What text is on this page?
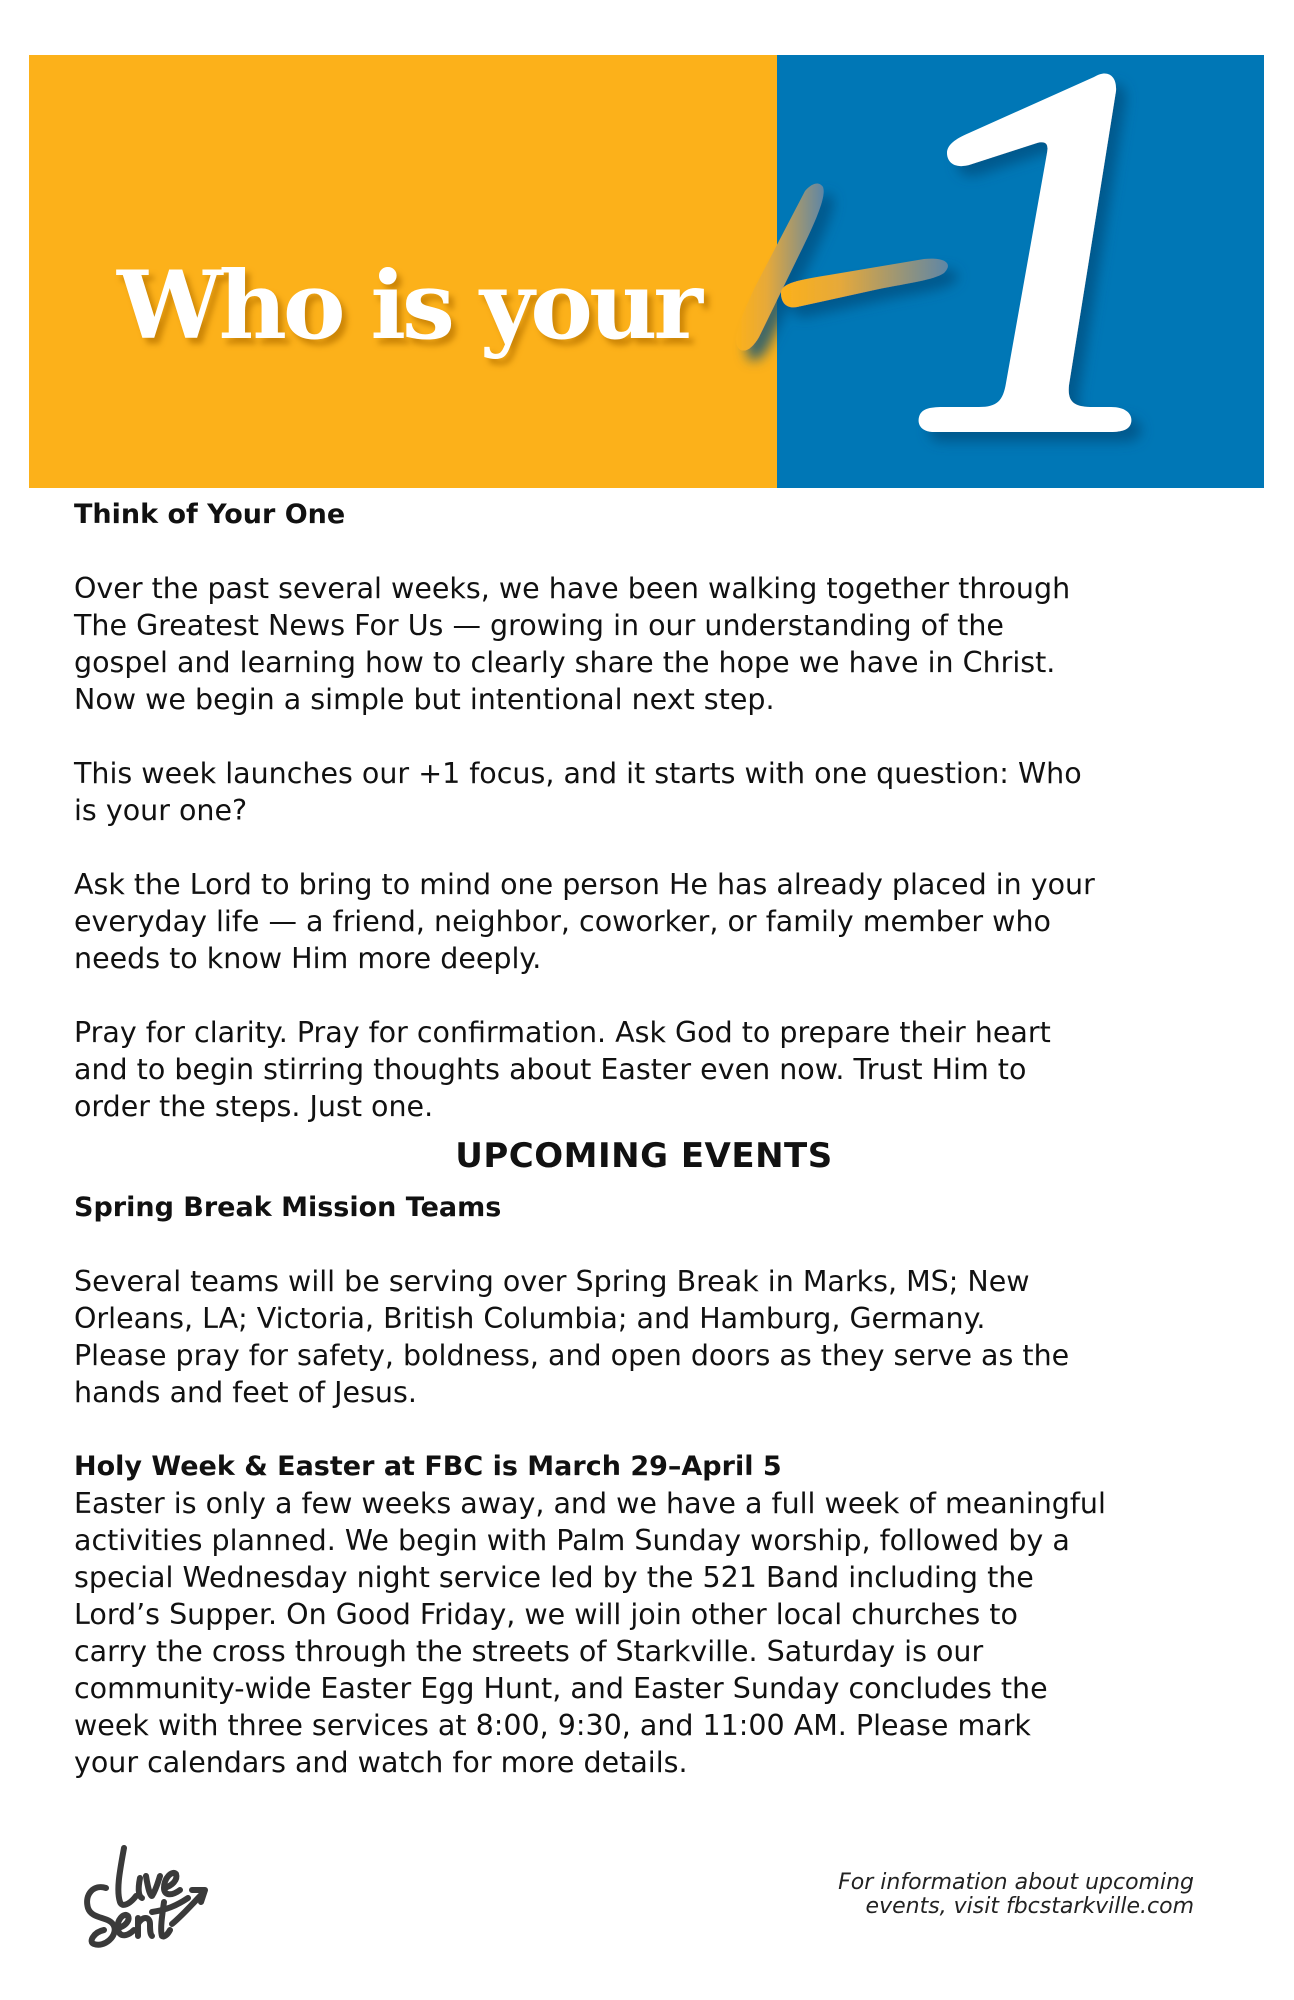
Who is your
Think of Your One
Over the past several weeks, we have been walking together through
The Greatest News For Us — growing in our understanding of the
gospel and learning how to clearly share the hope we have in Christ.
Now we begin a simple but intentional next step.
This week launches our +1 focus, and it starts with one question: Who
is your one?
Ask the Lord to bring to mind one person He has already placed in your
everyday life — a friend, neighbor, coworker, or family member who
needs to know Him more deeply.
Pray for clarity. Pray for confirmation. Ask God to prepare their heart
and to begin stirring thoughts about Easter even now. Trust Him to
order the steps. Just one.
UPCOMING EVENTS
Spring Break Mission Teams
Several teams will be serving over Spring Break in Marks, MS; New
Orleans, LA; Victoria, British Columbia; and Hamburg, Germany.
Please pray for safety, boldness, and open doors as they serve as the
hands and feet of Jesus.
Holy Week & Easter at FBC is March 29–April 5
Easter is only a few weeks away, and we have a full week of meaningful
activities planned. We begin with Palm Sunday worship, followed by a
special Wednesday night service led by the 521 Band including the
Lord’s Supper. On Good Friday, we will join other local churches to
carry the cross through the streets of Starkville. Saturday is our
community-wide Easter Egg Hunt, and Easter Sunday concludes the
week with three services at 8:00, 9:30, and 11:00 AM. Please mark
your calendars and watch for more details.
For information about upcoming
events, visit fbcstarkville.com
